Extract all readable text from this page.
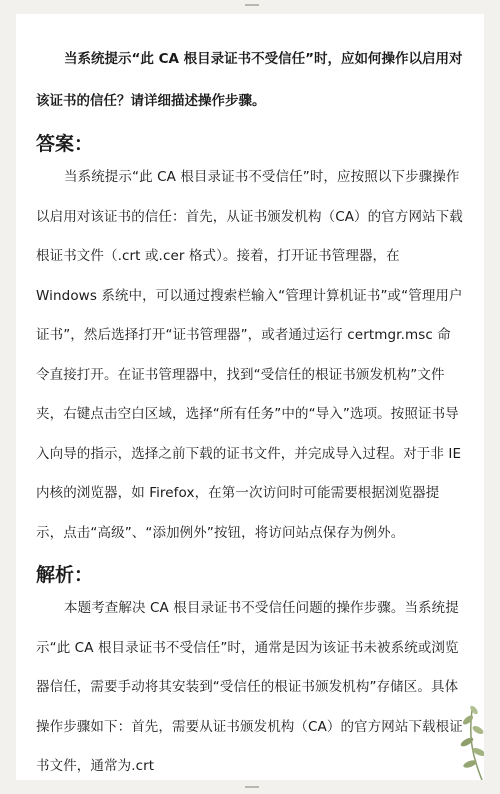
当系统提示“此 CA 根目录证书不受信任”时，应如何操作以启用对该证书的信任？请详细描述操作步骤。

答案：

当系统提示“此 CA 根目录证书不受信任”时，应按照以下步骤操作以启用对该证书的信任：首先，从证书颁发机构（CA）的官方网站下载根证书文件（.crt 或.cer 格式）。接着，打开证书管理器，在 Windows 系统中，可以通过搜索栏输入“管理计算机证书”或“管理用户证书”，然后选择打开“证书管理器”，或者通过运行 certmgr.msc 命令直接打开。在证书管理器中，找到“受信任的根证书颁发机构”文件夹，右键点击空白区域，选择“所有任务”中的“导入”选项。按照证书导入向导的指示，选择之前下载的证书文件，并完成导入过程。对于非 IE 内核的浏览器，如 Firefox，在第一次访问时可能需要根据浏览器提示，点击“高级”、“添加例外”按钮，将访问站点保存为例外。

解析：

本题考查解决 CA 根目录证书不受信任问题的操作步骤。当系统提示“此 CA 根目录证书不受信任”时，通常是因为该证书未被系统或浏览器信任，需要手动将其安装到“受信任的根证书颁发机构”存储区。具体操作步骤如下：首先，需要从证书颁发机构（CA）的官方网站下载根证书文件，通常为.crt
